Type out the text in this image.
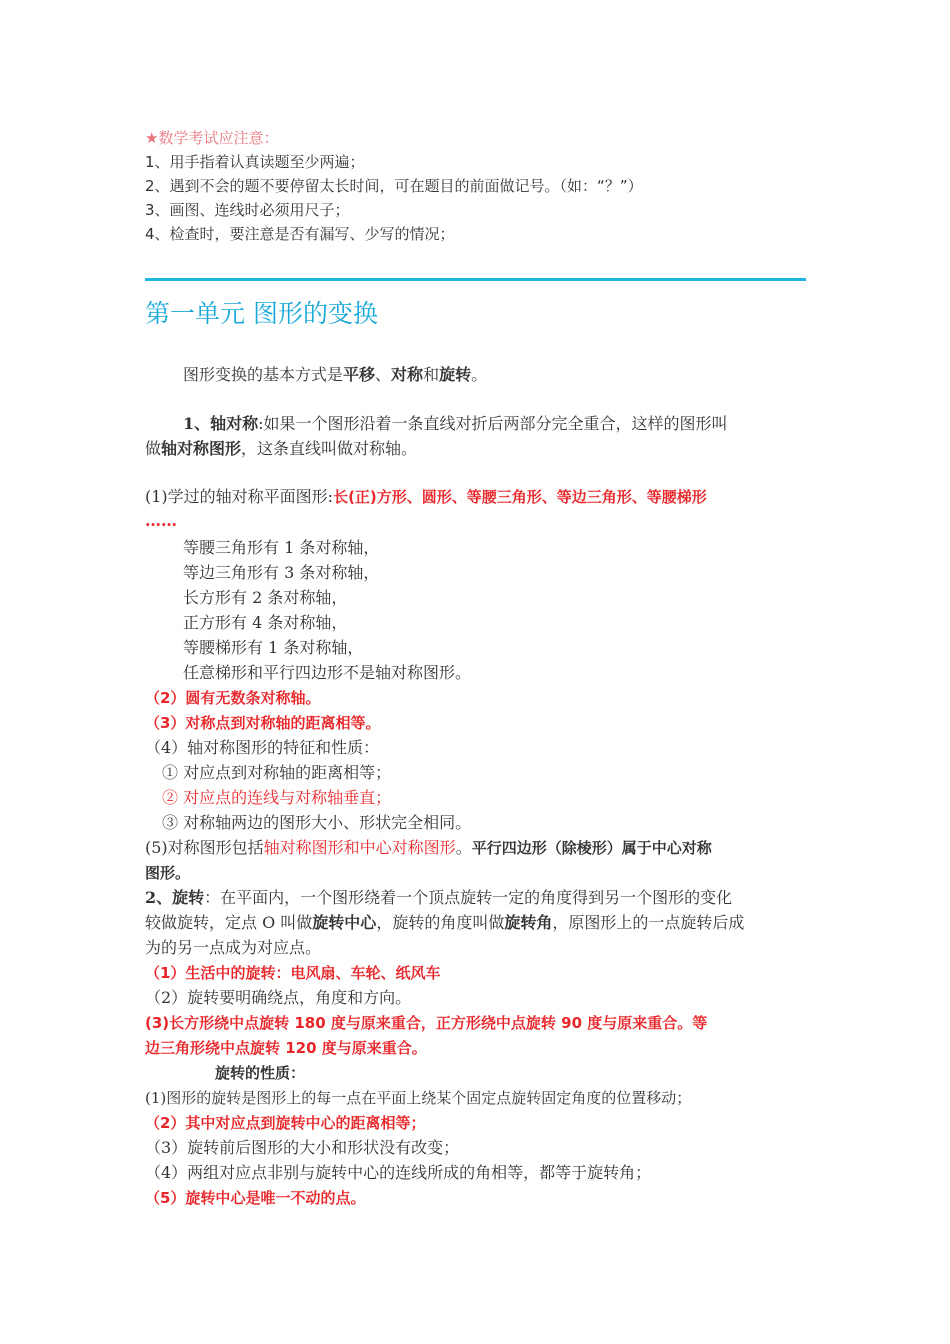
★数学考试应注意：
1、用手指着认真读题至少两遍；
2、遇到不会的题不要停留太长时间，可在题目的前面做记号。（如：“？”）
3、画图、连线时必须用尺子；
4、检查时，要注意是否有漏写、少写的情况；
第一单元 图形的变换
图形变换的基本方式是平移、对称和旋转。
1、轴对称:如果一个图形沿着一条直线对折后两部分完全重合，这样的图形叫
做轴对称图形，这条直线叫做对称轴。
(1)学过的轴对称平面图形:长(正)方形、圆形、等腰三角形、等边三角形、等腰梯形
……
等腰三角形有 1 条对称轴，
等边三角形有 3 条对称轴，
长方形有 2 条对称轴，
正方形有 4 条对称轴，
等腰梯形有 1 条对称轴，
任意梯形和平行四边形不是轴对称图形。
（2）圆有无数条对称轴。
（3）对称点到对称轴的距离相等。
（4）轴对称图形的特征和性质：
① 对应点到对称轴的距离相等；
② 对应点的连线与对称轴垂直；
③ 对称轴两边的图形大小、形状完全相同。
(5)对称图形包括轴对称图形和中心对称图形。平行四边形（除棱形）属于中心对称
图形。
2、旋转：在平面内，一个图形绕着一个顶点旋转一定的角度得到另一个图形的变化
较做旋转，定点 O 叫做旋转中心，旋转的角度叫做旋转角，原图形上的一点旋转后成
为的另一点成为对应点。
（1）生活中的旋转：电风扇、车轮、纸风车
（2）旋转要明确绕点，角度和方向。
(3)长方形绕中点旋转 180 度与原来重合，正方形绕中点旋转 90 度与原来重合。等
边三角形绕中点旋转 120 度与原来重合。
旋转的性质：
(1)图形的旋转是图形上的每一点在平面上绕某个固定点旋转固定角度的位置移动；
（2）其中对应点到旋转中心的距离相等；
（3）旋转前后图形的大小和形状没有改变；
（4）两组对应点非别与旋转中心的连线所成的角相等，都等于旋转角；
（5）旋转中心是唯一不动的点。
